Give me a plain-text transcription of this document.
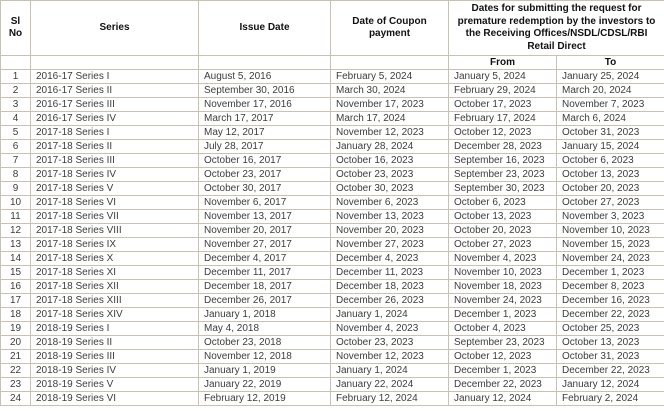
Sl No	Series	Issue Date	Date of Coupon payment	Dates for submitting the request for premature redemption by the investors to the Receiving Offices/NSDL/CDSL/RBI Retail Direct	
				From	To
1	2016-17 Series I	August 5, 2016	February 5, 2024	January 5, 2024	January 25, 2024
2	2016-17 Series II	September 30, 2016	March 30, 2024	February 29, 2024	March 20, 2024
3	2016-17 Series III	November 17, 2016	November 17, 2023	October 17, 2023	November 7, 2023
4	2016-17 Series IV	March 17, 2017	March 17, 2024	February 17, 2024	March 6, 2024
5	2017-18 Series I	May 12, 2017	November 12, 2023	October 12, 2023	October 31, 2023
6	2017-18 Series II	July 28, 2017	January 28, 2024	December 28, 2023	January 15, 2024
7	2017-18 Series III	October 16, 2017	October 16, 2023	September 16, 2023	October 6, 2023
8	2017-18 Series IV	October 23, 2017	October 23, 2023	September 23, 2023	October 13, 2023
9	2017-18 Series V	October 30, 2017	October 30, 2023	September 30, 2023	October 20, 2023
10	2017-18 Series VI	November 6, 2017	November 6, 2023	October 6, 2023	October 27, 2023
11	2017-18 Series VII	November 13, 2017	November 13, 2023	October 13, 2023	November 3, 2023
12	2017-18 Series VIII	November 20, 2017	November 20, 2023	October 20, 2023	November 10, 2023
13	2017-18 Series IX	November 27, 2017	November 27, 2023	October 27, 2023	November 15, 2023
14	2017-18 Series X	December 4, 2017	December 4, 2023	November 4, 2023	November 24, 2023
15	2017-18 Series XI	December 11, 2017	December 11, 2023	November 10, 2023	December 1, 2023
16	2017-18 Series XII	December 18, 2017	December 18, 2023	November 18, 2023	December 8, 2023
17	2017-18 Series XIII	December 26, 2017	December 26, 2023	November 24, 2023	December 16, 2023
18	2017-18 Series XIV	January 1, 2018	January 1, 2024	December 1, 2023	December 22, 2023
19	2018-19 Series I	May 4, 2018	November 4, 2023	October 4, 2023	October 25, 2023
20	2018-19 Series II	October 23, 2018	October 23, 2023	September 23, 2023	October 13, 2023
21	2018-19 Series III	November 12, 2018	November 12, 2023	October 12, 2023	October 31, 2023
22	2018-19 Series IV	January 1, 2019	January 1, 2024	December 1, 2023	December 22, 2023
23	2018-19 Series V	January 22, 2019	January 22, 2024	December 22, 2023	January 12, 2024
24	2018-19 Series VI	February 12, 2019	February 12, 2024	January 12, 2024	February 2, 2024
